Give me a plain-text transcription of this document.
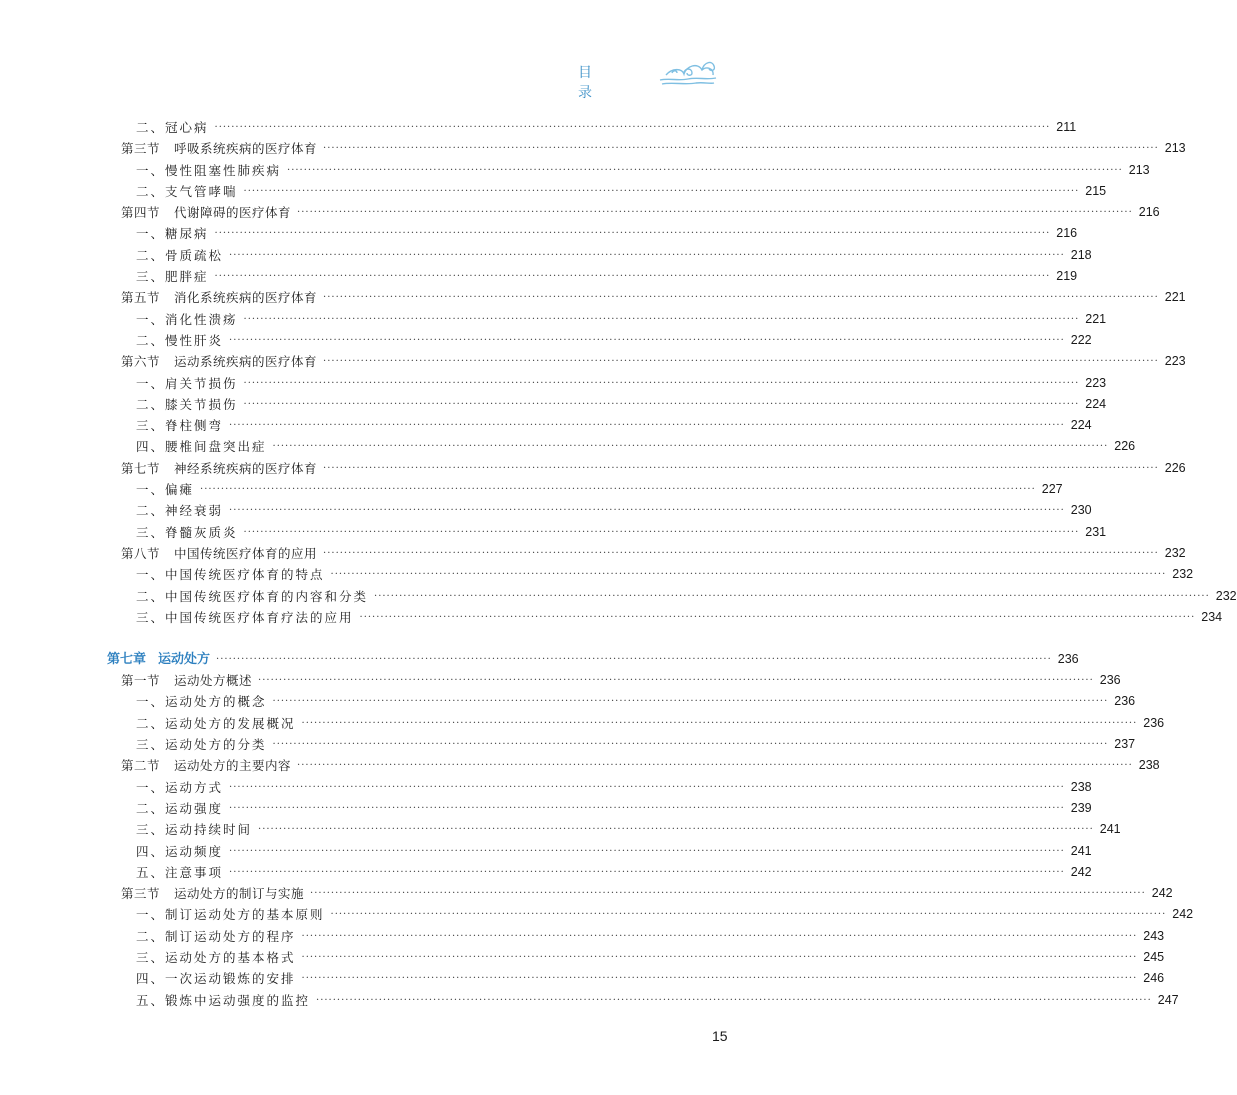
目 录
二、冠心病 ········································································································································································································ 211
第三节 呼吸系统疾病的医疗体育 ········································································································································································································ 213
一、慢性阻塞性肺疾病 ········································································································································································································ 213
二、支气管哮喘 ········································································································································································································ 215
第四节 代谢障碍的医疗体育 ········································································································································································································ 216
一、糖尿病 ········································································································································································································ 216
二、骨质疏松 ········································································································································································································ 218
三、肥胖症 ········································································································································································································ 219
第五节 消化系统疾病的医疗体育 ········································································································································································································ 221
一、消化性溃疡 ········································································································································································································ 221
二、慢性肝炎 ········································································································································································································ 222
第六节 运动系统疾病的医疗体育 ········································································································································································································ 223
一、肩关节损伤 ········································································································································································································ 223
二、膝关节损伤 ········································································································································································································ 224
三、脊柱侧弯 ········································································································································································································ 224
四、腰椎间盘突出症 ········································································································································································································ 226
第七节 神经系统疾病的医疗体育 ········································································································································································································ 226
一、偏瘫 ········································································································································································································ 227
二、神经衰弱 ········································································································································································································ 230
三、脊髓灰质炎 ········································································································································································································ 231
第八节 中国传统医疗体育的应用 ········································································································································································································ 232
一、中国传统医疗体育的特点 ········································································································································································································ 232
二、中国传统医疗体育的内容和分类 ········································································································································································································ 232
三、中国传统医疗体育疗法的应用 ········································································································································································································ 234
第七章 运动处方 ········································································································································································································ 236
第一节 运动处方概述 ········································································································································································································ 236
一、运动处方的概念 ········································································································································································································ 236
二、运动处方的发展概况 ········································································································································································································ 236
三、运动处方的分类 ········································································································································································································ 237
第二节 运动处方的主要内容 ········································································································································································································ 238
一、运动方式 ········································································································································································································ 238
二、运动强度 ········································································································································································································ 239
三、运动持续时间 ········································································································································································································ 241
四、运动频度 ········································································································································································································ 241
五、注意事项 ········································································································································································································ 242
第三节 运动处方的制订与实施 ········································································································································································································ 242
一、制订运动处方的基本原则 ········································································································································································································ 242
二、制订运动处方的程序 ········································································································································································································ 243
三、运动处方的基本格式 ········································································································································································································ 245
四、一次运动锻炼的安排 ········································································································································································································ 246
五、锻炼中运动强度的监控 ········································································································································································································ 247
15
